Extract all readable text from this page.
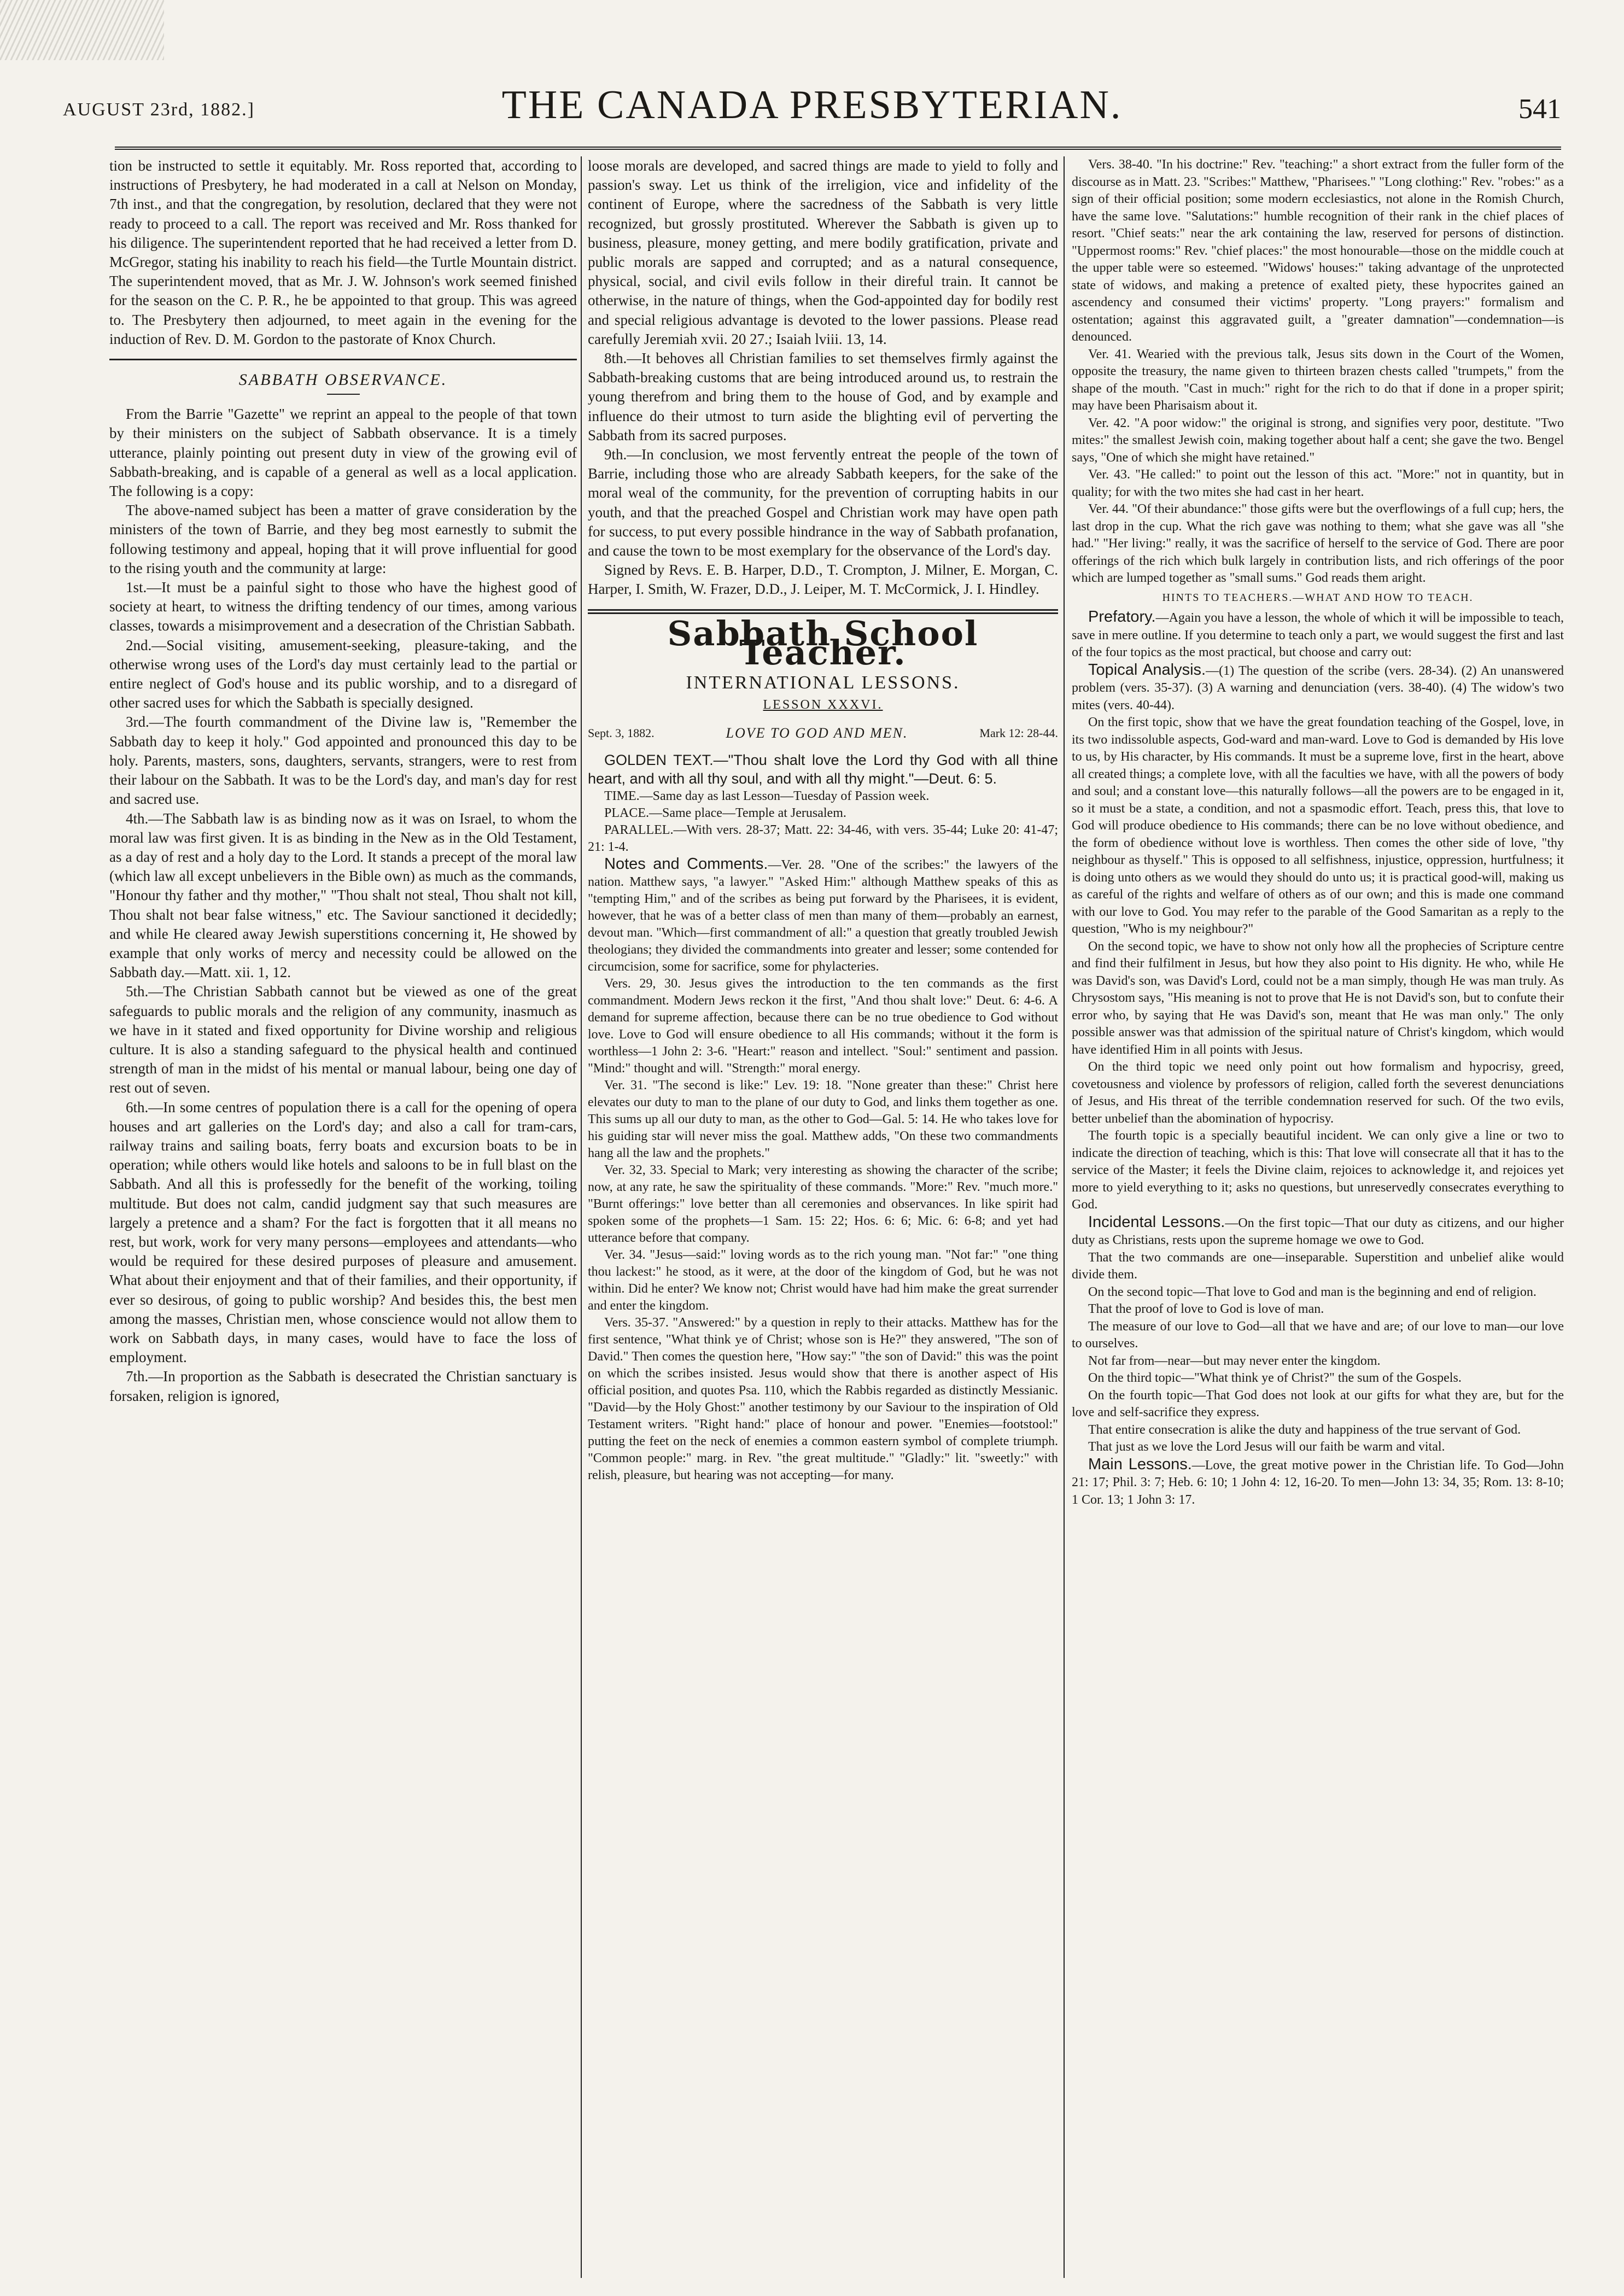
AUGUST 23rd, 1882.]	THE CANADA PRESBYTERIAN.	541

tion be instructed to settle it equitably. Mr. Ross reported that, according to instructions of Presbytery, he had moderated in a call at Nelson on Monday, 7th inst., and that the congregation, by resolution, declared that they were not ready to proceed to a call. The report was received and Mr. Ross thanked for his diligence. The superintendent reported that he had received a letter from D. McGregor, stating his inability to reach his field—the Turtle Mountain district. The superintendent moved, that as Mr. J. W. Johnson's work seemed finished for the season on the C. P. R., he be appointed to that group. This was agreed to. The Presbytery then adjourned, to meet again in the evening for the induction of Rev. D. M. Gordon to the pastorate of Knox Church.

SABBATH OBSERVANCE.

From the Barrie "Gazette" we reprint an appeal to the people of that town by their ministers on the subject of Sabbath observance. It is a timely utterance, plainly pointing out present duty in view of the growing evil of Sabbath-breaking, and is capable of a general as well as a local application. The following is a copy:

The above-named subject has been a matter of grave consideration by the ministers of the town of Barrie, and they beg most earnestly to submit the following testimony and appeal, hoping that it will prove influential for good to the rising youth and the community at large:

1st.—It must be a painful sight to those who have the highest good of society at heart, to witness the drifting tendency of our times, among various classes, towards a misimprovement and a desecration of the Christian Sabbath.

2nd.—Social visiting, amusement-seeking, pleasure-taking, and the otherwise wrong uses of the Lord's day must certainly lead to the partial or entire neglect of God's house and its public worship, and to a disregard of other sacred uses for which the Sabbath is specially designed.

3rd.—The fourth commandment of the Divine law is, "Remember the Sabbath day to keep it holy." God appointed and pronounced this day to be holy. Parents, masters, sons, daughters, servants, strangers, were to rest from their labour on the Sabbath. It was to be the Lord's day, and man's day for rest and sacred use.

4th.—The Sabbath law is as binding now as it was on Israel, to whom the moral law was first given. It is as binding in the New as in the Old Testament, as a day of rest and a holy day to the Lord. It stands a precept of the moral law (which law all except unbelievers in the Bible own) as much as the commands, "Honour thy father and thy mother," "Thou shalt not steal, Thou shalt not kill, Thou shalt not bear false witness," etc. The Saviour sanctioned it decidedly; and while He cleared away Jewish superstitions concerning it, He showed by example that only works of mercy and necessity could be allowed on the Sabbath day.—Matt. xii. 1, 12.

5th.—The Christian Sabbath cannot but be viewed as one of the great safeguards to public morals and the religion of any community, inasmuch as we have in it stated and fixed opportunity for Divine worship and religious culture. It is also a standing safeguard to the physical health and continued strength of man in the midst of his mental or manual labour, being one day of rest out of seven.

6th.—In some centres of population there is a call for the opening of opera houses and art galleries on the Lord's day; and also a call for tram-cars, railway trains and sailing boats, ferry boats and excursion boats to be in operation; while others would like hotels and saloons to be in full blast on the Sabbath. And all this is professedly for the benefit of the working, toiling multitude. But does not calm, candid judgment say that such measures are largely a pretence and a sham? For the fact is forgotten that it all means no rest, but work, work for very many persons—employees and attendants—who would be required for these desired purposes of pleasure and amusement. What about their enjoyment and that of their families, and their opportunity, if ever so desirous, of going to public worship? And besides this, the best men among the masses, Christian men, whose conscience would not allow them to work on Sabbath days, in many cases, would have to face the loss of employment.

7th.—In proportion as the Sabbath is desecrated the Christian sanctuary is forsaken, religion is ignored,

loose morals are developed, and sacred things are made to yield to folly and passion's sway. Let us think of the irreligion, vice and infidelity of the continent of Europe, where the sacredness of the Sabbath is very little recognized, but grossly prostituted. Wherever the Sabbath is given up to business, pleasure, money getting, and mere bodily gratification, private and public morals are sapped and corrupted; and as a natural consequence, physical, social, and civil evils follow in their direful train. It cannot be otherwise, in the nature of things, when the God-appointed day for bodily rest and special religious advantage is devoted to the lower passions. Please read carefully Jeremiah xvii. 20 27.; Isaiah lviii. 13, 14.

8th.—It behoves all Christian families to set themselves firmly against the Sabbath-breaking customs that are being introduced around us, to restrain the young therefrom and bring them to the house of God, and by example and influence do their utmost to turn aside the blighting evil of perverting the Sabbath from its sacred purposes.

9th.—In conclusion, we most fervently entreat the people of the town of Barrie, including those who are already Sabbath keepers, for the sake of the moral weal of the community, for the prevention of corrupting habits in our youth, and that the preached Gospel and Christian work may have open path for success, to put every possible hindrance in the way of Sabbath profanation, and cause the town to be most exemplary for the observance of the Lord's day.

Signed by Revs. E. B. Harper, D.D., T. Crompton, J. Milner, E. Morgan, C. Harper, I. Smith, W. Frazer, D.D., J. Leiper, M. T. McCormick, J. I. Hindley.

Sabbath School Teacher.
INTERNATIONAL LESSONS.
LESSON XXXVI.
Sept. 3, 1882.	LOVE TO GOD AND MEN.	Mark 12: 28-44.

GOLDEN TEXT.—"Thou shalt love the Lord thy God with all thine heart, and with all thy soul, and with all thy might."—Deut. 6: 5.

TIME.—Same day as last Lesson—Tuesday of Passion week.

PLACE.—Same place—Temple at Jerusalem.

PARALLEL.—With vers. 28-37; Matt. 22: 34-46, with vers. 35-44; Luke 20: 41-47; 21: 1-4.

Notes and Comments.—Ver. 28. "One of the scribes:" the lawyers of the nation. Matthew says, "a lawyer." "Asked Him:" although Matthew speaks of this as "tempting Him," and of the scribes as being put forward by the Pharisees, it is evident, however, that he was of a better class of men than many of them—probably an earnest, devout man. "Which—first commandment of all:" a question that greatly troubled Jewish theologians; they divided the commandments into greater and lesser; some contended for circumcision, some for sacrifice, some for phylacteries.

Vers. 29, 30. Jesus gives the introduction to the ten commands as the first commandment. Modern Jews reckon it the first, "And thou shalt love:" Deut. 6: 4-6. A demand for supreme affection, because there can be no true obedience to God without love. Love to God will ensure obedience to all His commands; without it the form is worthless—1 John 2: 3-6. "Heart:" reason and intellect. "Soul:" sentiment and passion. "Mind:" thought and will. "Strength:" moral energy.

Ver. 31. "The second is like:" Lev. 19: 18. "None greater than these:" Christ here elevates our duty to man to the plane of our duty to God, and links them together as one. This sums up all our duty to man, as the other to God—Gal. 5: 14. He who takes love for his guiding star will never miss the goal. Matthew adds, "On these two commandments hang all the law and the prophets."

Ver. 32, 33. Special to Mark; very interesting as showing the character of the scribe; now, at any rate, he saw the spirituality of these commands. "More:" Rev. "much more." "Burnt offerings:" love better than all ceremonies and observances. In like spirit had spoken some of the prophets—1 Sam. 15: 22; Hos. 6: 6; Mic. 6: 6-8; and yet had utterance before that company.

Ver. 34. "Jesus—said:" loving words as to the rich young man. "Not far:" "one thing thou lackest:" he stood, as it were, at the door of the kingdom of God, but he was not within. Did he enter? We know not; Christ would have had him make the great surrender and enter the kingdom.

Vers. 35-37. "Answered:" by a question in reply to their attacks. Matthew has for the first sentence, "What think ye of Christ; whose son is He?" they answered, "The son of David." Then comes the question here, "How say:" "the son of David:" this was the point on which the scribes insisted. Jesus would show that there is another aspect of His official position, and quotes Psa. 110, which the Rabbis regarded as distinctly Messianic. "David—by the Holy Ghost:" another testimony by our Saviour to the inspiration of Old Testament writers. "Right hand:" place of honour and power. "Enemies—footstool:" putting the feet on the neck of enemies a common eastern symbol of complete triumph. "Common people:" marg. in Rev. "the great multitude." "Gladly:" lit. "sweetly:" with relish, pleasure, but hearing was not accepting—for many.

Vers. 38-40. "In his doctrine:" Rev. "teaching:" a short extract from the fuller form of the discourse as in Matt. 23. "Scribes:" Matthew, "Pharisees." "Long clothing:" Rev. "robes:" as a sign of their official position; some modern ecclesiastics, not alone in the Romish Church, have the same love. "Salutations:" humble recognition of their rank in the chief places of resort. "Chief seats:" near the ark containing the law, reserved for persons of distinction. "Uppermost rooms:" Rev. "chief places:" the most honourable—those on the middle couch at the upper table were so esteemed. "Widows' houses:" taking advantage of the unprotected state of widows, and making a pretence of exalted piety, these hypocrites gained an ascendency and consumed their victims' property. "Long prayers:" formalism and ostentation; against this aggravated guilt, a "greater damnation"—condemnation—is denounced.

Ver. 41. Wearied with the previous talk, Jesus sits down in the Court of the Women, opposite the treasury, the name given to thirteen brazen chests called "trumpets," from the shape of the mouth. "Cast in much:" right for the rich to do that if done in a proper spirit; may have been Pharisaism about it.

Ver. 42. "A poor widow:" the original is strong, and signifies very poor, destitute. "Two mites:" the smallest Jewish coin, making together about half a cent; she gave the two. Bengel says, "One of which she might have retained."

Ver. 43. "He called:" to point out the lesson of this act. "More:" not in quantity, but in quality; for with the two mites she had cast in her heart.

Ver. 44. "Of their abundance:" those gifts were but the overflowings of a full cup; hers, the last drop in the cup. What the rich gave was nothing to them; what she gave was all "she had." "Her living:" really, it was the sacrifice of herself to the service of God. There are poor offerings of the rich which bulk largely in contribution lists, and rich offerings of the poor which are lumped together as "small sums." God reads them aright.

HINTS TO TEACHERS.—WHAT AND HOW TO TEACH.

Prefatory.—Again you have a lesson, the whole of which it will be impossible to teach, save in mere outline. If you determine to teach only a part, we would suggest the first and last of the four topics as the most practical, but choose and carry out:

Topical Analysis.—(1) The question of the scribe (vers. 28-34). (2) An unanswered problem (vers. 35-37). (3) A warning and denunciation (vers. 38-40). (4) The widow's two mites (vers. 40-44).

On the first topic, show that we have the great foundation teaching of the Gospel, love, in its two indissoluble aspects, God-ward and man-ward. Love to God is demanded by His love to us, by His character, by His commands. It must be a supreme love, first in the heart, above all created things; a complete love, with all the faculties we have, with all the powers of body and soul; and a constant love—this naturally follows—all the powers are to be engaged in it, so it must be a state, a condition, and not a spasmodic effort. Teach, press this, that love to God will produce obedience to His commands; there can be no love without obedience, and the form of obedience without love is worthless. Then comes the other side of love, "thy neighbour as thyself." This is opposed to all selfishness, injustice, oppression, hurtfulness; it is doing unto others as we would they should do unto us; it is practical good-will, making us as careful of the rights and welfare of others as of our own; and this is made one command with our love to God. You may refer to the parable of the Good Samaritan as a reply to the question, "Who is my neighbour?"

On the second topic, we have to show not only how all the prophecies of Scripture centre and find their fulfilment in Jesus, but how they also point to His dignity. He who, while He was David's son, was David's Lord, could not be a man simply, though He was man truly. As Chrysostom says, "His meaning is not to prove that He is not David's son, but to confute their error who, by saying that He was David's son, meant that He was man only." The only possible answer was that admission of the spiritual nature of Christ's kingdom, which would have identified Him in all points with Jesus.

On the third topic we need only point out how formalism and hypocrisy, greed, covetousness and violence by professors of religion, called forth the severest denunciations of Jesus, and His threat of the terrible condemnation reserved for such. Of the two evils, better unbelief than the abomination of hypocrisy.

The fourth topic is a specially beautiful incident. We can only give a line or two to indicate the direction of teaching, which is this: That love will consecrate all that it has to the service of the Master; it feels the Divine claim, rejoices to acknowledge it, and rejoices yet more to yield everything to it; asks no questions, but unreservedly consecrates everything to God.

Incidental Lessons.—On the first topic—That our duty as citizens, and our higher duty as Christians, rests upon the supreme homage we owe to God.

That the two commands are one—inseparable. Superstition and unbelief alike would divide them.

On the second topic—That love to God and man is the beginning and end of religion.

That the proof of love to God is love of man.

The measure of our love to God—all that we have and are; of our love to man—our love to ourselves.

Not far from—near—but may never enter the kingdom.

On the third topic—"What think ye of Christ?" the sum of the Gospels.

On the fourth topic—That God does not look at our gifts for what they are, but for the love and self-sacrifice they express.

That entire consecration is alike the duty and happiness of the true servant of God.

That just as we love the Lord Jesus will our faith be warm and vital.

Main Lessons.—Love, the great motive power in the Christian life. To God—John 21: 17; Phil. 3: 7; Heb. 6: 10; 1 John 4: 12, 16-20. To men—John 13: 34, 35; Rom. 13: 8-10; 1 Cor. 13; 1 John 3: 17.
